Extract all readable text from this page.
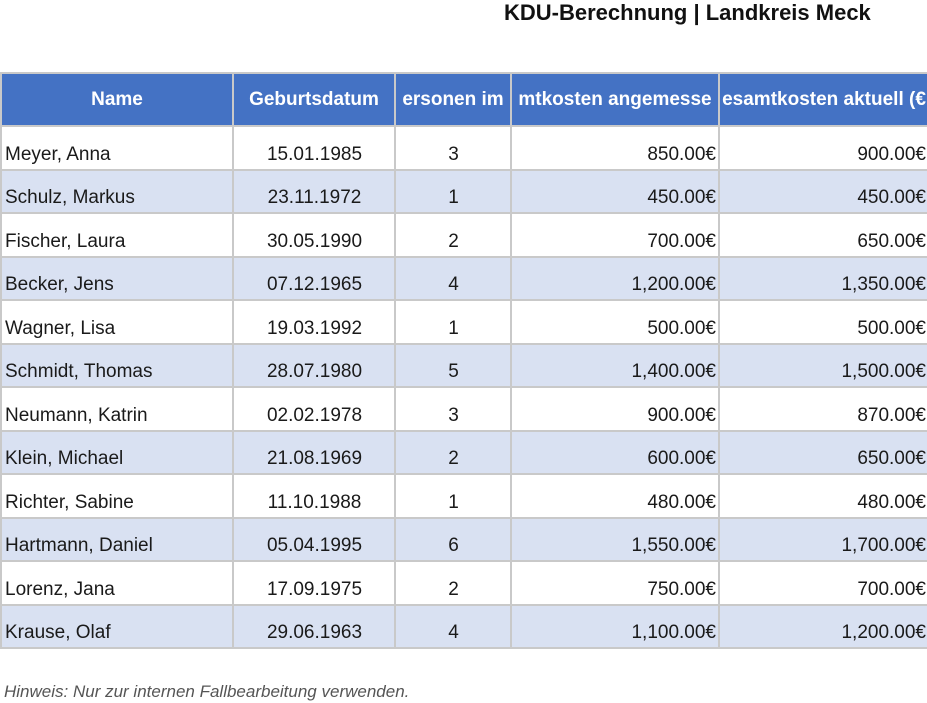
KDU-Berechnung | Landkreis Meck
Name	Geburtsdatum	ersonen im	mtkosten angemesse	esamtkosten aktuell (€

Meyer, Anna	15.01.1985	3	850.00€	900.00€
Schulz, Markus	23.11.1972	1	450.00€	450.00€
Fischer, Laura	30.05.1990	2	700.00€	650.00€
Becker, Jens	07.12.1965	4	1,200.00€	1,350.00€
Wagner, Lisa	19.03.1992	1	500.00€	500.00€
Schmidt, Thomas	28.07.1980	5	1,400.00€	1,500.00€
Neumann, Katrin	02.02.1978	3	900.00€	870.00€
Klein, Michael	21.08.1969	2	600.00€	650.00€
Richter, Sabine	11.10.1988	1	480.00€	480.00€
Hartmann, Daniel	05.04.1995	6	1,550.00€	1,700.00€
Lorenz, Jana	17.09.1975	2	750.00€	700.00€
Krause, Olaf	29.06.1963	4	1,100.00€	1,200.00€
Hinweis: Nur zur internen Fallbearbeitung verwenden.
